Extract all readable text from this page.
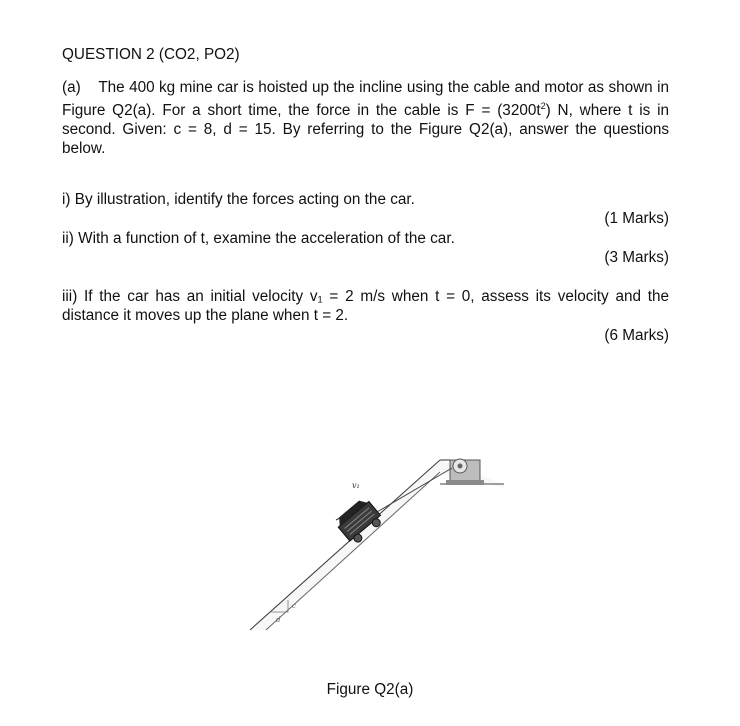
QUESTION 2 (CO2, PO2)
(a) The 400 kg mine car is hoisted up the incline using the cable and motor as shown in Figure Q2(a). For a short time, the force in the cable is $F = (3200t^2)$ N, where t is in second. Given: c = 8, d = 15. By referring to the Figure Q2(a), answer the questions below.
i) By illustration, identify the forces acting on the car.
(1 Marks)
ii) With a function of t, examine the acceleration of the car.
(3 Marks)
iii) If the car has an initial velocity v₁ = 2 m/s when t = 0, assess its velocity and the distance it moves up the plane when t = 2.
(6 Marks)
c
d
v₁
Figure Q2(a)
